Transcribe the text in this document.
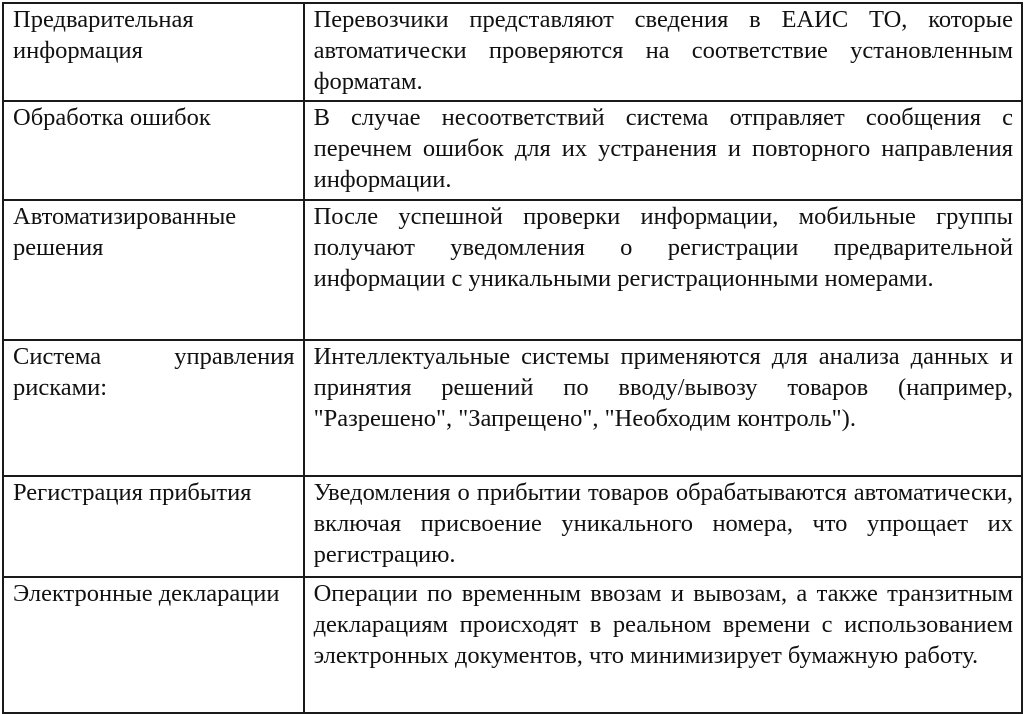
Предварительная информация	Перевозчики представляют сведения в ЕАИС ТО, которые автоматически проверяются на соответствие установленным форматам.
Обработка ошибок	В случае несоответствий система отправляет сообщения с перечнем ошибок для их устранения и повторного направления информации.
Автоматизированные решения	После успешной проверки информации, мобильные группы получают уведомления о регистрации предварительной информации с уникальными регистрационными номерами.
Система управления рисками:	Интеллектуальные системы применяются для анализа данных и принятия решений по вводу/вывозу товаров (например, "Разрешено", "Запрещено", "Необходим контроль").
Регистрация прибытия	Уведомления о прибытии товаров обрабатываются автоматически, включая присвоение уникального номера, что упрощает их регистрацию.
Электронные декларации	Операции по временным ввозам и вывозам, а также транзитным декларациям происходят в реальном времени с использованием электронных документов, что минимизирует бумажную работу.
